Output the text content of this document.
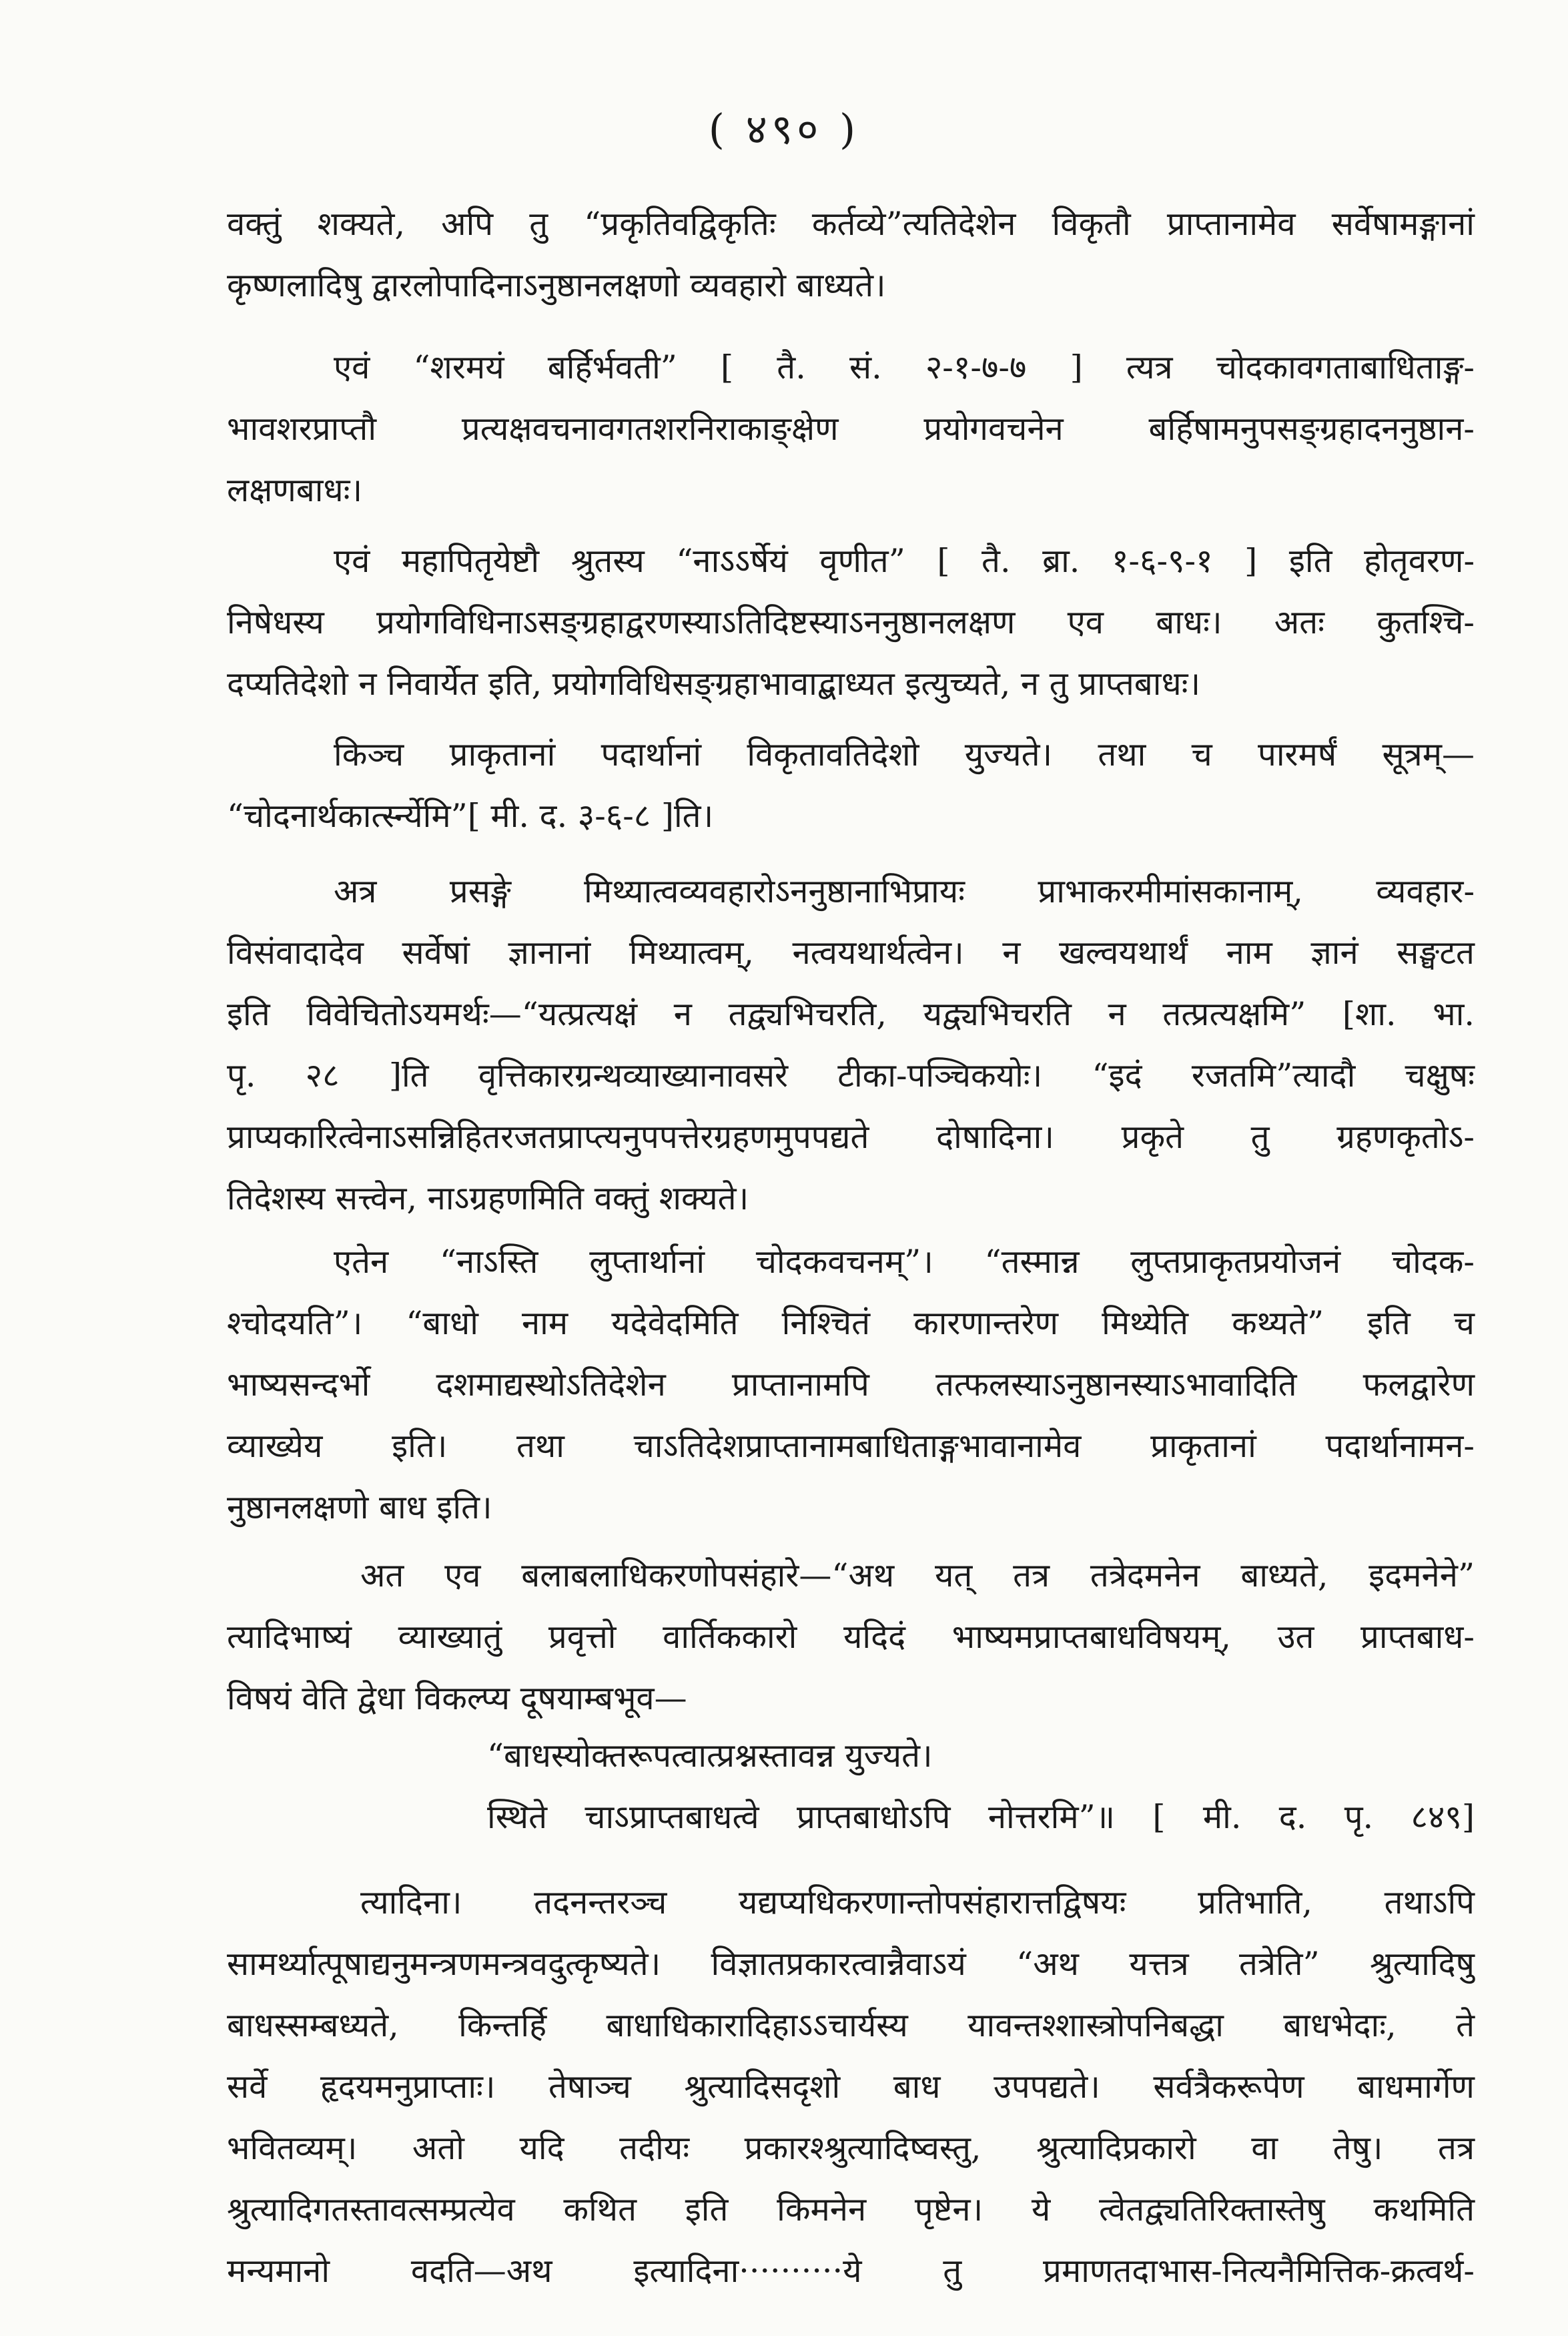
( ४९० )

वक्तुं शक्यते, अपि तु “प्रकृतिवद्विकृतिः कर्तव्ये”त्यतिदेशेन विकृतौ प्राप्तानामेव सर्वेषामङ्गानां
कृष्णलादिषु द्वारलोपादिनाऽनुष्ठानलक्षणो व्यवहारो बाध्यते।

एवं “शरमयं बर्हिर्भवती” [ तै. सं. २-१-७-७ ] त्यत्र चोदकावगताबाधिताङ्ग-
भावशरप्राप्तौ प्रत्यक्षवचनावगतशरनिराकाङ्क्षेण प्रयोगवचनेन बर्हिषामनुपसङ्ग्रहादननुष्ठान-
लक्षणबाधः।

एवं महापितृयेष्टौ श्रुतस्य “नाऽऽर्षेयं वृणीत” [ तै. ब्रा. १-६-९-१ ] इति होतृवरण-
निषेधस्य प्रयोगविधिनाऽसङ्ग्रहाद्वरणस्याऽतिदिष्टस्याऽननुष्ठानलक्षण एव बाधः। अतः कुतश्चि-
दप्यतिदेशो न निवार्येत इति, प्रयोगविधिसङ्ग्रहाभावाद्बाध्यत इत्युच्यते, न तु प्राप्तबाधः।

किञ्च प्राकृतानां पदार्थानां विकृतावतिदेशो युज्यते। तथा च पारमर्षं सूत्रम्—
“चोदनार्थकार्त्स्न्येमि”[ मी. द. ३-६-८ ]ति।

अत्र प्रसङ्गे मिथ्यात्वव्यवहारोऽननुष्ठानाभिप्रायः प्राभाकरमीमांसकानाम्, व्यवहार-
विसंवादादेव सर्वेषां ज्ञानानां मिथ्यात्वम्, नत्वयथार्थत्वेन। न खल्वयथार्थं नाम ज्ञानं सङ्घटत
इति विवेचितोऽयमर्थः—“यत्प्रत्यक्षं न तद्व्यभिचरति, यद्व्यभिचरति न तत्प्रत्यक्षमि” [शा. भा.
पृ. २८ ]ति वृत्तिकारग्रन्थव्याख्यानावसरे टीका-पञ्चिकयोः। “इदं रजतमि”त्यादौ चक्षुषः
प्राप्यकारित्वेनाऽसन्निहितरजतप्राप्त्यनुपपत्तेरग्रहणमुपपद्यते दोषादिना। प्रकृते तु ग्रहणकृतोऽ-
तिदेशस्य सत्त्वेन, नाऽग्रहणमिति वक्तुं शक्यते।

एतेन “नाऽस्ति लुप्तार्थानां चोदकवचनम्”। “तस्मान्न लुप्तप्राकृतप्रयोजनं चोदक-
श्चोदयति”। “बाधो नाम यदेवेदमिति निश्चितं कारणान्तरेण मिथ्येति कथ्यते” इति च
भाष्यसन्दर्भो दशमाद्यस्थोऽतिदेशेन प्राप्तानामपि तत्फलस्याऽनुष्ठानस्याऽभावादिति फलद्वारेण
व्याख्येय इति। तथा चाऽतिदेशप्राप्तानामबाधिताङ्गभावानामेव प्राकृतानां पदार्थानामन-
नुष्ठानलक्षणो बाध इति।

अत एव बलाबलाधिकरणोपसंहारे—“अथ यत् तत्र तत्रेदमनेन बाध्यते, इदमनेने”
त्यादिभाष्यं व्याख्यातुं प्रवृत्तो वार्तिककारो यदिदं भाष्यमप्राप्तबाधविषयम्, उत प्राप्तबाध-
विषयं वेति द्वेधा विकल्प्य दूषयाम्बभूव—

“बाधस्योक्तरूपत्वात्प्रश्नस्तावन्न युज्यते।
स्थिते चाऽप्राप्तबाधत्वे प्राप्तबाधोऽपि नोत्तरमि”॥ [ मी. द. पृ. ८४९]

त्यादिना। तदनन्तरञ्च यद्यप्यधिकरणान्तोपसंहारात्तद्विषयः प्रतिभाति, तथाऽपि
सामर्थ्यात्पूषाद्यनुमन्त्रणमन्त्रवदुत्कृष्यते। विज्ञातप्रकारत्वान्नैवाऽयं “अथ यत्तत्र तत्रेति” श्रुत्यादिषु
बाधस्सम्बध्यते, किन्तर्हि बाधाधिकारादिहाऽऽचार्यस्य यावन्तश्शास्त्रोपनिबद्धा बाधभेदाः, ते
सर्वे हृदयमनुप्राप्ताः। तेषाञ्च श्रुत्यादिसदृशो बाध उपपद्यते। सर्वत्रैकरूपेण बाधमार्गेण
भवितव्यम्। अतो यदि तदीयः प्रकारश्श्रुत्यादिष्वस्तु, श्रुत्यादिप्रकारो वा तेषु। तत्र
श्रुत्यादिगतस्तावत्सम्प्रत्येव कथित इति किमनेन पृष्टेन। ये त्वेतद्व्यतिरिक्तास्तेषु कथमिति
मन्यमानो वदति—अथ इत्यादिना··········ये तु प्रमाणतदाभास-नित्यनैमित्तिक-क्रत्वर्थ-
